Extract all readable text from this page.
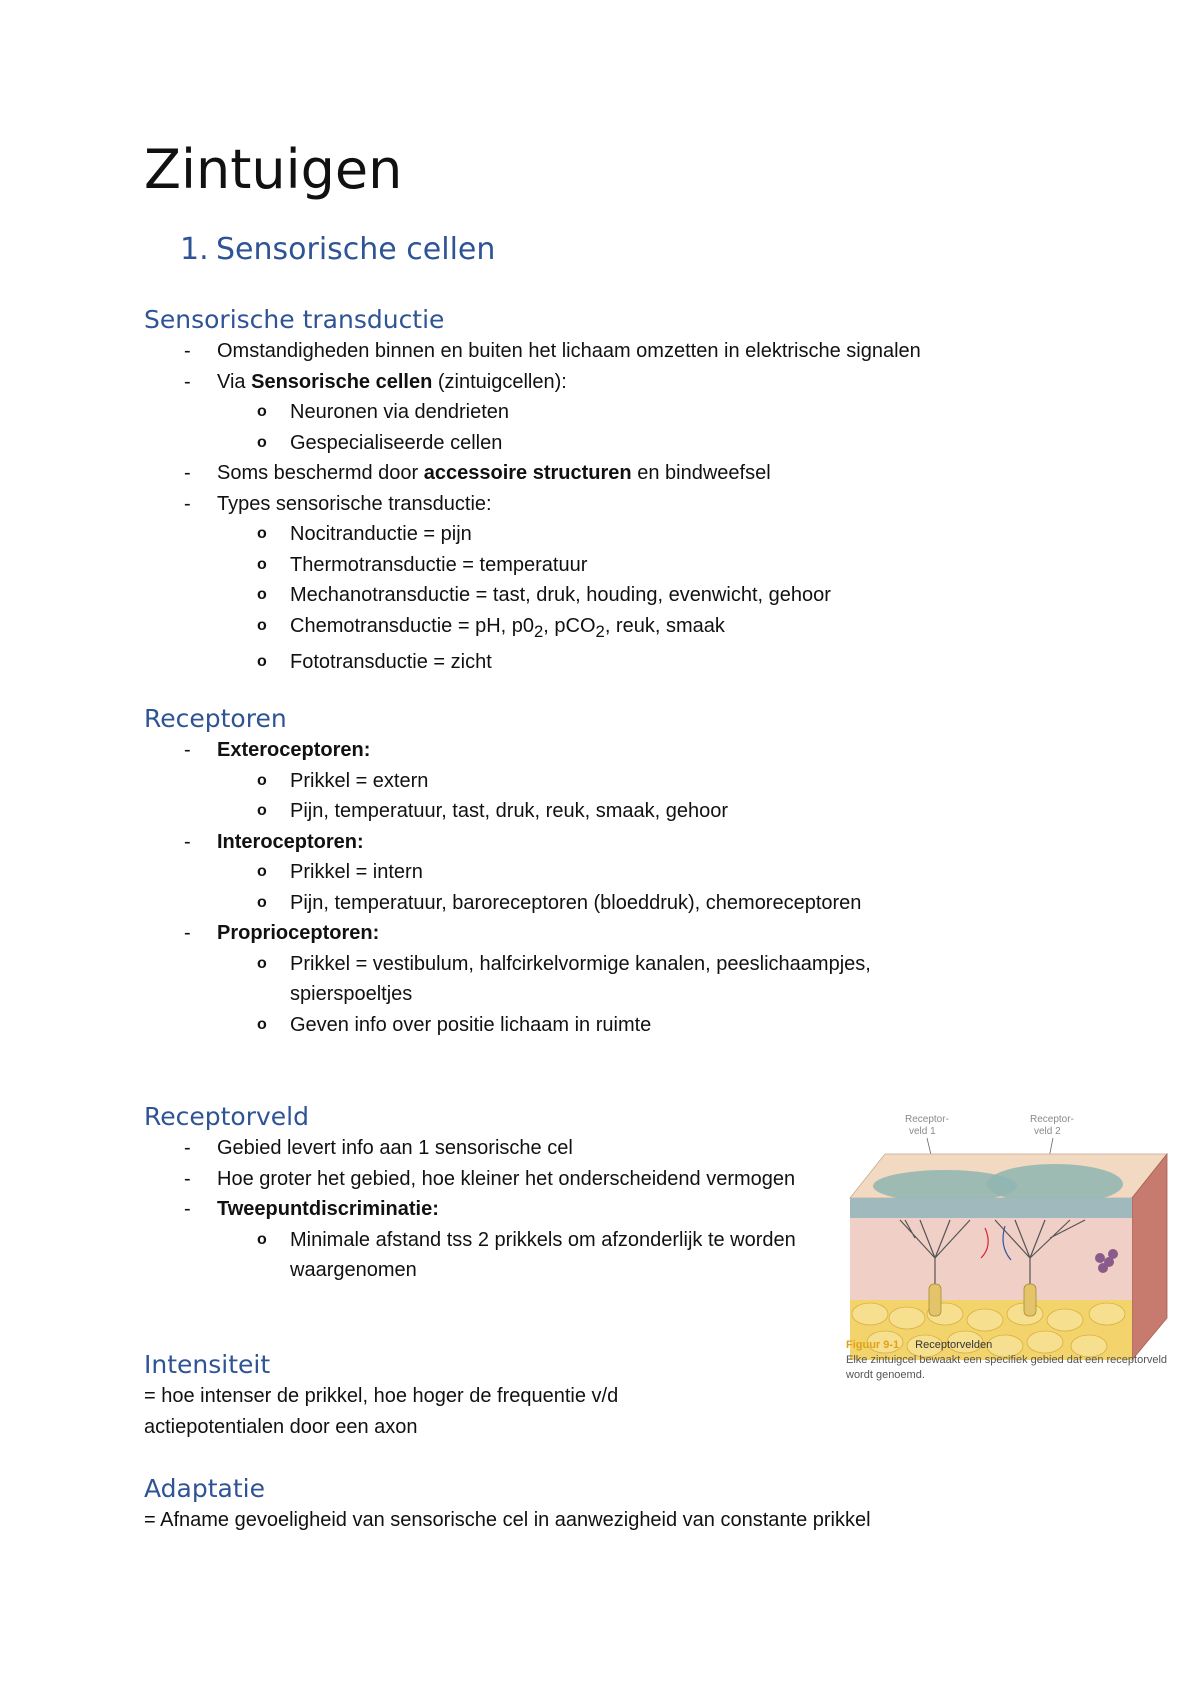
Zintuigen
1. Sensorische cellen
Sensorische transductie
- Omstandigheden binnen en buiten het lichaam omzetten in elektrische signalen
- Via Sensorische cellen (zintuigcellen):
o Neuronen via dendrieten
o Gespecialiseerde cellen
- Soms beschermd door accessoire structuren en bindweefsel
- Types sensorische transductie:
o Nocitranductie = pijn
o Thermotransductie = temperatuur
o Mechanotransductie = tast, druk, houding, evenwicht, gehoor
o Chemotransductie = pH, $p0_2$, pCO$_2$, reuk, smaak
o Fototransductie = zicht
Receptoren
- Exteroceptoren:
o Prikkel = extern
o Pijn, temperatuur, tast, druk, reuk, smaak, gehoor
- Interoceptoren:
o Prikkel = intern
o Pijn, temperatuur, baroreceptoren (bloeddruk), chemoreceptoren
- Proprioceptoren:
o Prikkel = vestibulum, halfcirkelvormige kanalen, peeslichaampjes, spierspoeltjes
o Geven info over positie lichaam in ruimte
Receptorveld
- Gebied levert info aan 1 sensorische cel
- Hoe groter het gebied, hoe kleiner het onderscheidend vermogen
- Tweepuntdiscriminatie:
o Minimale afstand tss 2 prikkels om afzonderlijk te worden waargenomen
Receptor-
veld 1
Receptor-
veld 2
Figuur 9-1 Receptorvelden
Elke zintuigcel bewaakt een specifiek gebied dat een receptorveld wordt genoemd.
Intensiteit

= hoe intenser de prikkel, hoe hoger de frequentie v/d actiepotentialen door een axon

Adaptatie

= Afname gevoeligheid van sensorische cel in aanwezigheid van constante prikkel
